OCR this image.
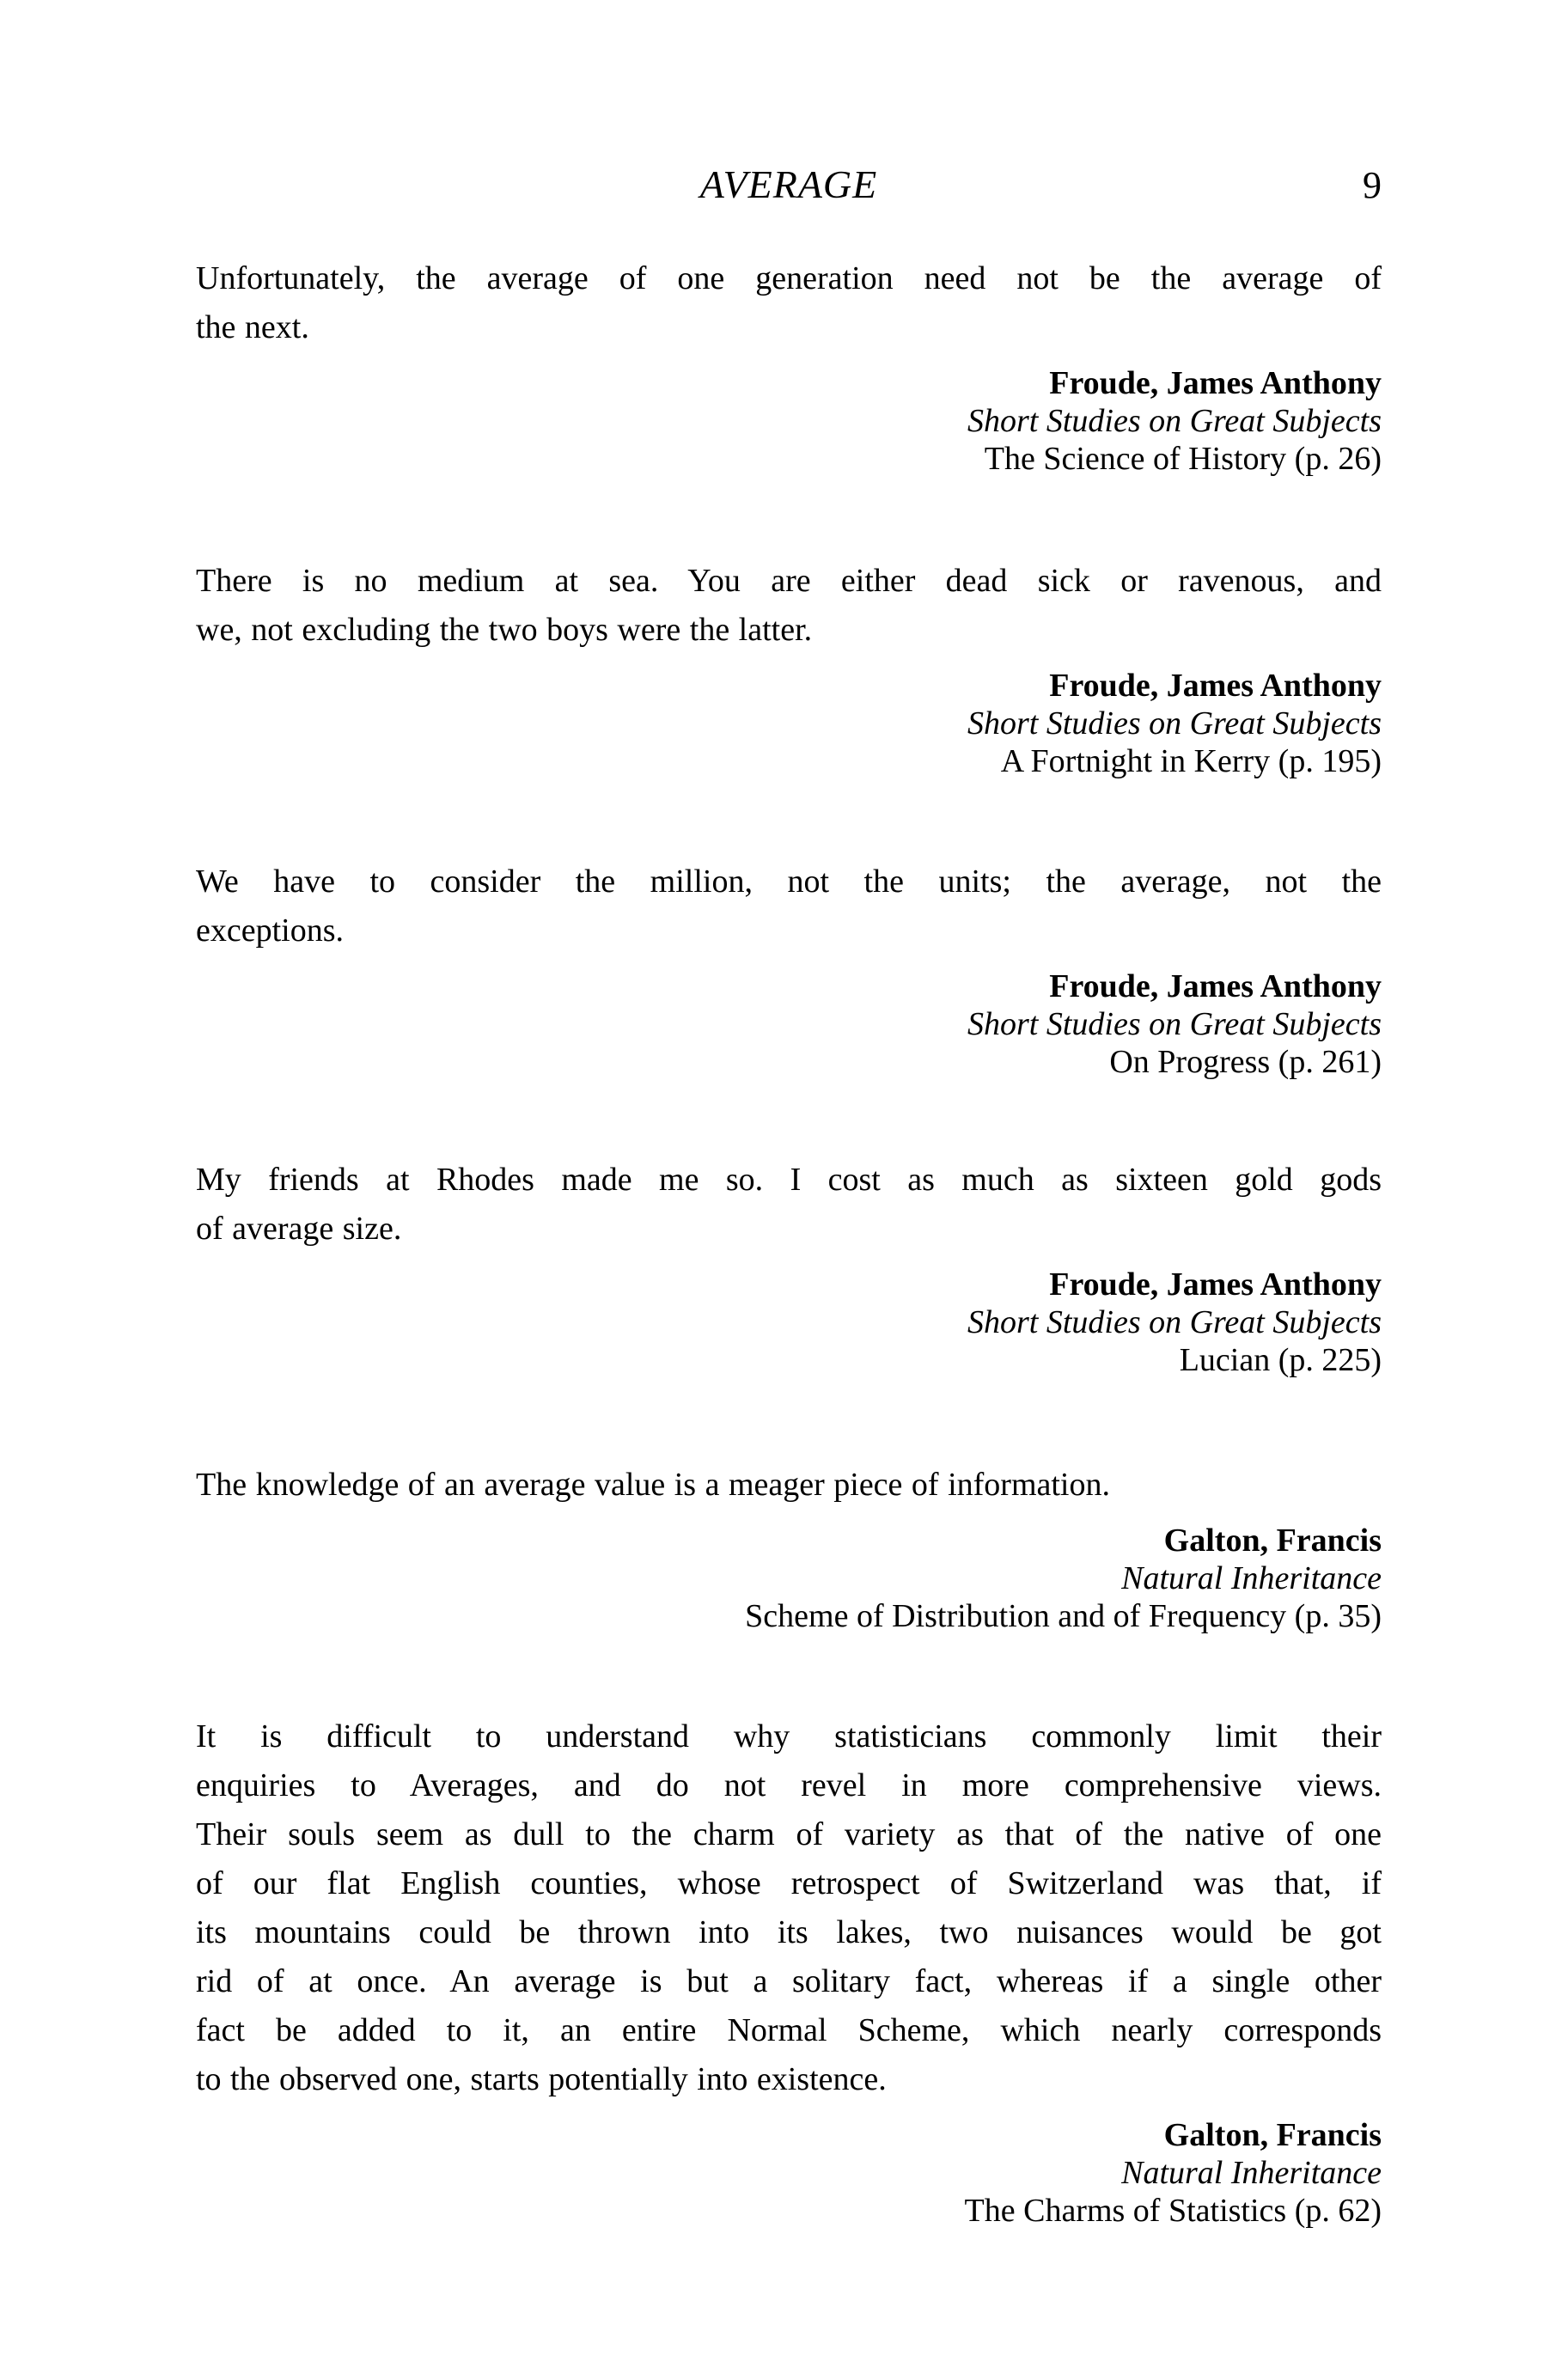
AVERAGE	9
Unfortunately, the average of one generation need not be the average of
the next.
Froude, James Anthony
Short Studies on Great Subjects
The Science of History (p. 26)
There is no medium at sea. You are either dead sick or ravenous, and
we, not excluding the two boys were the latter.
Froude, James Anthony
Short Studies on Great Subjects
A Fortnight in Kerry (p. 195)
We have to consider the million, not the units; the average, not the
exceptions.
Froude, James Anthony
Short Studies on Great Subjects
On Progress (p. 261)
My friends at Rhodes made me so. I cost as much as sixteen gold gods
of average size.
Froude, James Anthony
Short Studies on Great Subjects
Lucian (p. 225)
The knowledge of an average value is a meager piece of information.
Galton, Francis
Natural Inheritance
Scheme of Distribution and of Frequency (p. 35)
It is difficult to understand why statisticians commonly limit their
enquiries to Averages, and do not revel in more comprehensive views.
Their souls seem as dull to the charm of variety as that of the native of one
of our flat English counties, whose retrospect of Switzerland was that, if
its mountains could be thrown into its lakes, two nuisances would be got
rid of at once. An average is but a solitary fact, whereas if a single other
fact be added to it, an entire Normal Scheme, which nearly corresponds
to the observed one, starts potentially into existence.
Galton, Francis
Natural Inheritance
The Charms of Statistics (p. 62)
